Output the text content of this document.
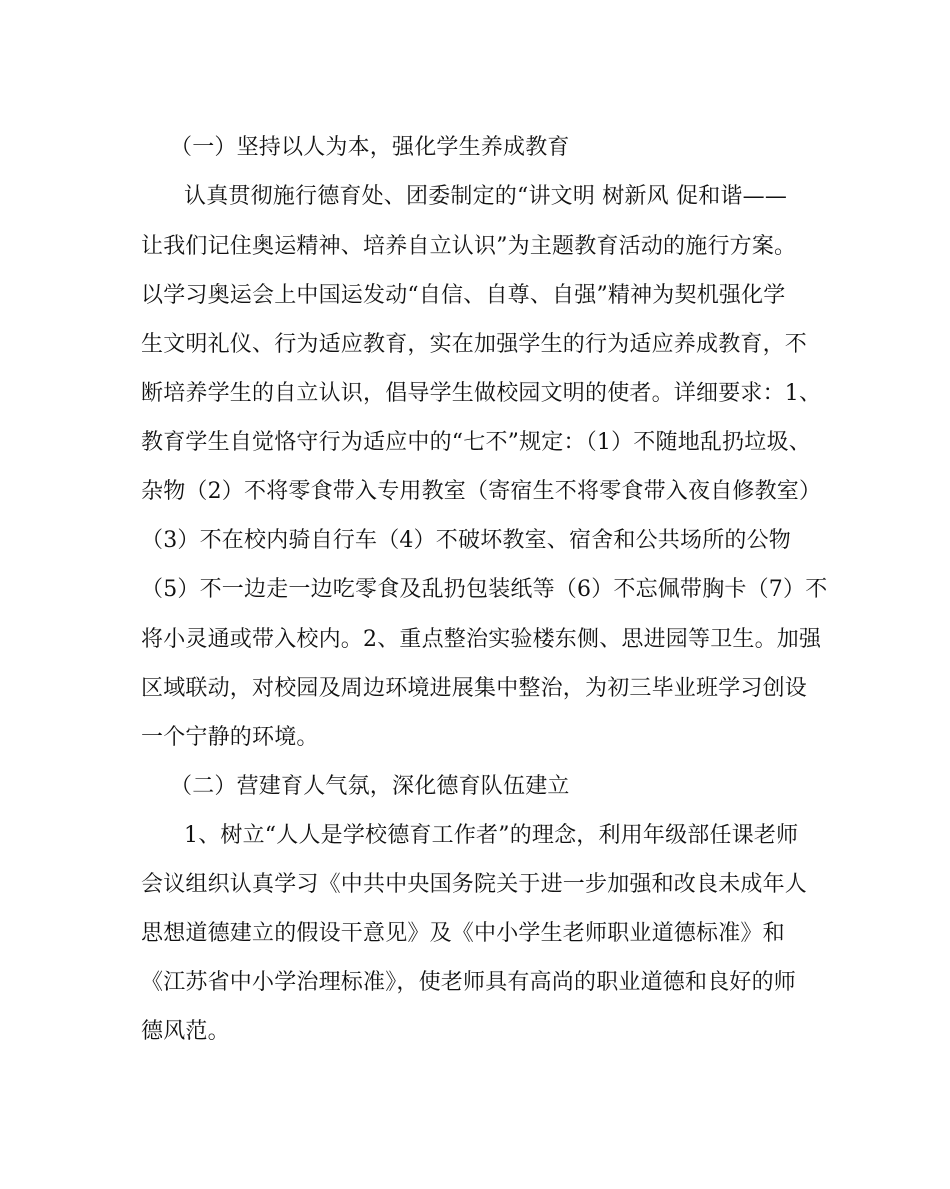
（一）坚持以人为本，强化学生养成教育
认真贯彻施行德育处、团委制定的“讲文明 树新风 促和谐——
让我们记住奥运精神、培养自立认识”为主题教育活动的施行方案。
以学习奥运会上中国运发动“自信、自尊、自强”精神为契机强化学
生文明礼仪、行为适应教育，实在加强学生的行为适应养成教育，不
断培养学生的自立认识，倡导学生做校园文明的使者。详细要求：1、
教育学生自觉恪守行为适应中的“七不”规定：（1）不随地乱扔垃圾、
杂物（2）不将零食带入专用教室（寄宿生不将零食带入夜自修教室）
（3）不在校内骑自行车（4）不破坏教室、宿舍和公共场所的公物
（5）不一边走一边吃零食及乱扔包装纸等（6）不忘佩带胸卡（7）不
将小灵通或带入校内。2、重点整治实验楼东侧、思进园等卫生。加强
区域联动，对校园及周边环境进展集中整治，为初三毕业班学习创设
一个宁静的环境。
（二）营建育人气氛，深化德育队伍建立
1、树立“人人是学校德育工作者”的理念，利用年级部任课老师
会议组织认真学习《中共中央国务院关于进一步加强和改良未成年人
思想道德建立的假设干意见》及《中小学生老师职业道德标准》和
《江苏省中小学治理标准》，使老师具有高尚的职业道德和良好的师
德风范。
